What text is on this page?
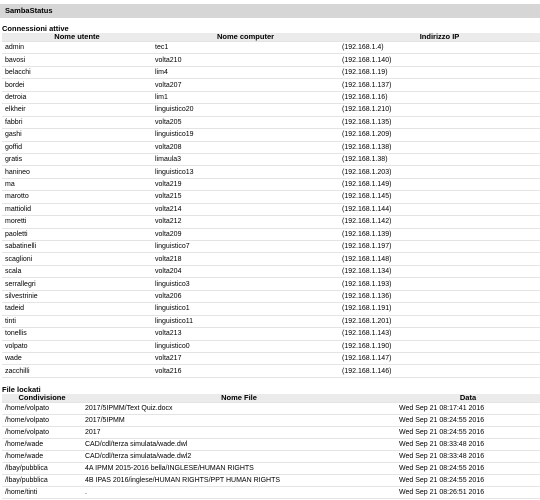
SambaStatus
Connessioni attive
Nome utente	Nome computer	Indirizzo IP
admin	tec1	(192.168.1.4)
bavosi	volta210	(192.168.1.140)
belacchi	lim4	(192.168.1.19)
bordei	volta207	(192.168.1.137)
detroia	lim1	(192.168.1.16)
elkheir	linguistico20	(192.168.1.210)
fabbri	volta205	(192.168.1.135)
gashi	linguistico19	(192.168.1.209)
goffid	volta208	(192.168.1.138)
gratis	limaula3	(192.168.1.38)
hanineo	linguistico13	(192.168.1.203)
ma	volta219	(192.168.1.149)
marotto	volta215	(192.168.1.145)
mattiolid	volta214	(192.168.1.144)
moretti	volta212	(192.168.1.142)
paoletti	volta209	(192.168.1.139)
sabatinelli	linguistico7	(192.168.1.197)
scaglioni	volta218	(192.168.1.148)
scala	volta204	(192.168.1.134)
serrallegri	linguistico3	(192.168.1.193)
silvestrinie	volta206	(192.168.1.136)
tadeid	linguistico1	(192.168.1.191)
tinti	linguistico11	(192.168.1.201)
tonellis	volta213	(192.168.1.143)
volpato	linguistico0	(192.168.1.190)
wade	volta217	(192.168.1.147)
zacchilli	volta216	(192.168.1.146)
File lockati
Condivisione	Nome File	Data
/home/volpato	2017/5IPMM/Text Quiz.docx	Wed Sep 21 08:17:41 2016
/home/volpato	2017/5IPMM	Wed Sep 21 08:24:55 2016
/home/volpato	2017	Wed Sep 21 08:24:55 2016
/home/wade	CAD/cdl/terza simulata/wade.dwl	Wed Sep 21 08:33:48 2016
/home/wade	CAD/cdl/terza simulata/wade.dwl2	Wed Sep 21 08:33:48 2016
/lbay/pubblica	4A IPMM 2015-2016 bella/INGLESE/HUMAN RIGHTS	Wed Sep 21 08:24:55 2016
/lbay/pubblica	4B IPAS 2016/inglese/HUMAN RIGHTS/PPT HUMAN RIGHTS	Wed Sep 21 08:24:55 2016
/home/tinti	.	Wed Sep 21 08:26:51 2016
